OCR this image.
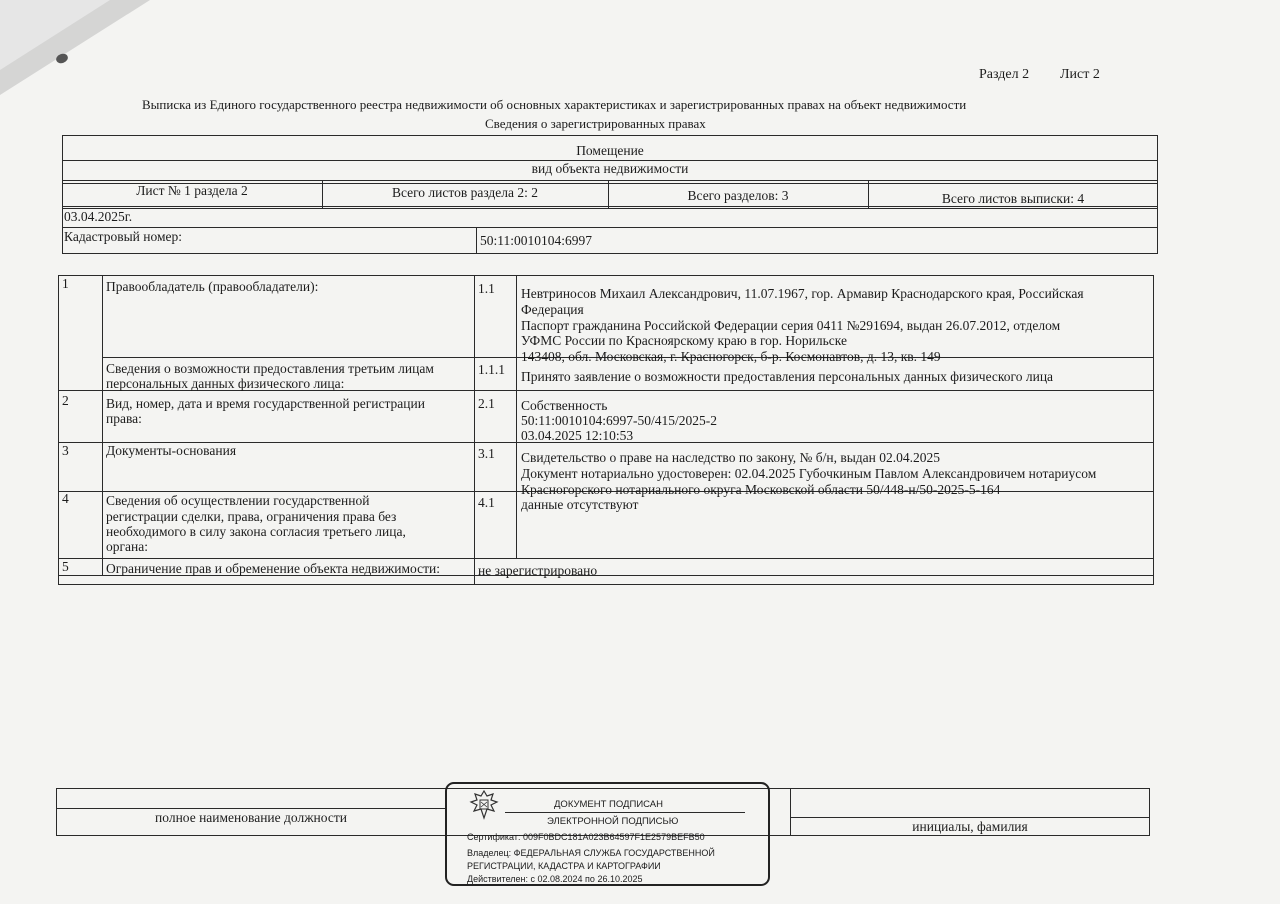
Раздел 2 Лист 2
Выписка из Единого государственного реестра недвижимости об основных характеристиках и зарегистрированных правах на объект недвижимости
Сведения о зарегистрированных правах
Помещение
вид объекта недвижимости
Лист № 1 раздела 2	Всего листов раздела 2: 2	Всего разделов: 3	Всего листов выписки: 4
03.04.2025г.
Кадастровый номер:	50:11:0010104:6997
1	Правообладатель (правообладатели):	1.1 Невтриносов Михаил Александрович, 11.07.1967, гор. Армавир Краснодарского края, Российская
Федерация
Паспорт гражданина Российской Федерации серия 0411 №291694, выдан 26.07.2012, отделом
УФМС России по Красноярскому краю в гор. Норильске
143408, обл. Московская, г. Красногорск, б-р. Космонавтов, д. 13, кв. 149
Сведения о возможности предоставления третьим лицам
персональных данных физического лица:
1.1.1 Принято заявление о возможности предоставления персональных данных физического лица
2	Вид, номер, дата и время государственной регистрации
права:
2.1 Собственность
50:11:0010104:6997-50/415/2025-2
03.04.2025 12:10:53
3	Документы-основания	3.1 Свидетельство о праве на наследство по закону, № б/н, выдан 02.04.2025
Документ нотариально удостоверен: 02.04.2025 Губочкиным Павлом Александровичем нотариусом
Красногорского нотариального округа Московской области 50/448-н/50-2025-5-164
4	Сведения об осуществлении государственной
регистрации сделки, права, ограничения права без
необходимого в силу закона согласия третьего лица,
органа:
4.1 данные отсутствуют
5	Ограничение прав и обременение объекта недвижимости:	не зарегистрировано
полное наименование должности
инициалы, фамилия
ДОКУМЕНТ ПОДПИСАН
ЭЛЕКТРОННОЙ ПОДПИСЬЮ
Сертификат: 009F0BDC181A023B64597F1E2579BEFB50
Владелец: ФЕДЕРАЛЬНАЯ СЛУЖБА ГОСУДАРСТВЕННОЙ
РЕГИСТРАЦИИ, КАДАСТРА И КАРТОГРАФИИ
Действителен: с 02.08.2024 по 26.10.2025
